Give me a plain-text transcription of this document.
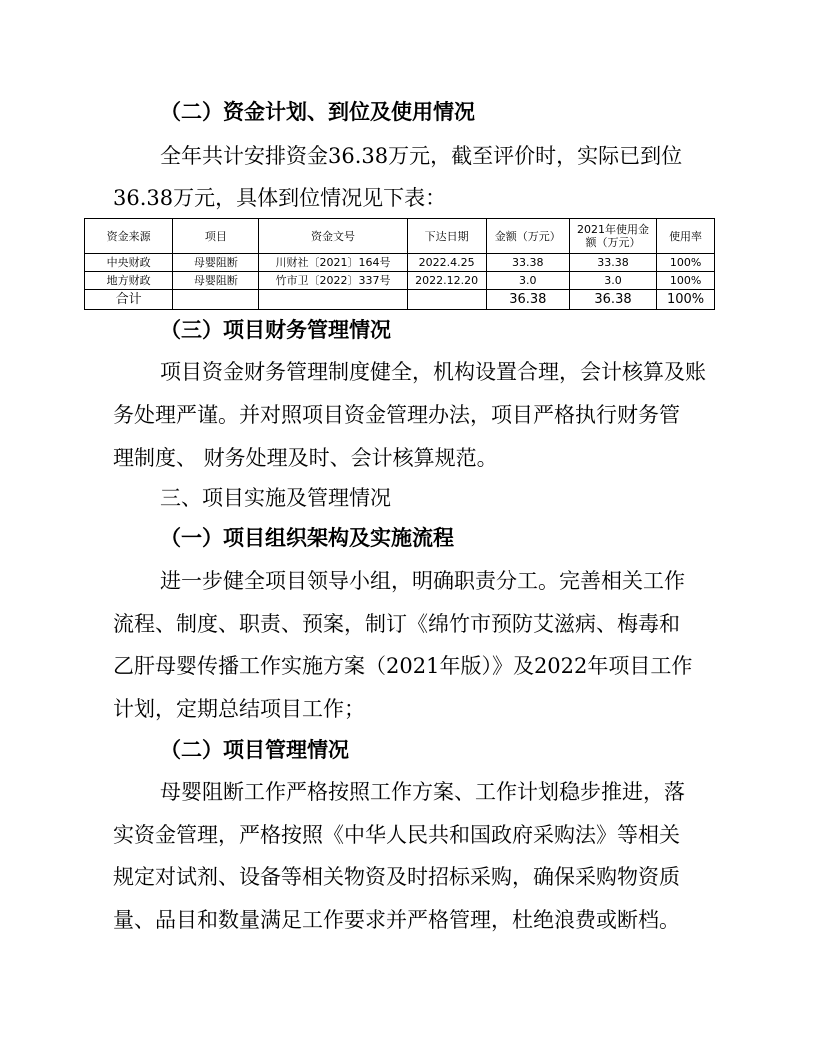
（二）资金计划、到位及使用情况
全年共计安排资金36.38万元，截至评价时，实际已到位
36.38万元，具体到位情况见下表：
资金来源	项目	资金文号	下达日期	金额（万元）	2021年使用金额（万元）	使用率
中央财政	母婴阻断	川财社〔2021〕164号	2022.4.25	33.38	33.38	100%
地方财政	母婴阻断	竹市卫〔2022〕337号	2022.12.20	3.0	3.0	100%
合计				36.38	36.38	100%
（三）项目财务管理情况
项目资金财务管理制度健全，机构设置合理，会计核算及账
务处理严谨。并对照项目资金管理办法，项目严格执行财务管
理制度、 财务处理及时、会计核算规范。
三、项目实施及管理情况
（一）项目组织架构及实施流程
进一步健全项目领导小组，明确职责分工。完善相关工作
流程、制度、职责、预案，制订《绵竹市预防艾滋病、梅毒和
乙肝母婴传播工作实施方案（2021年版）》及2022年项目工作
计划，定期总结项目工作；
（二）项目管理情况
母婴阻断工作严格按照工作方案、工作计划稳步推进，落
实资金管理，严格按照《中华人民共和国政府采购法》等相关
规定对试剂、设备等相关物资及时招标采购，确保采购物资质
量、品目和数量满足工作要求并严格管理，杜绝浪费或断档。
